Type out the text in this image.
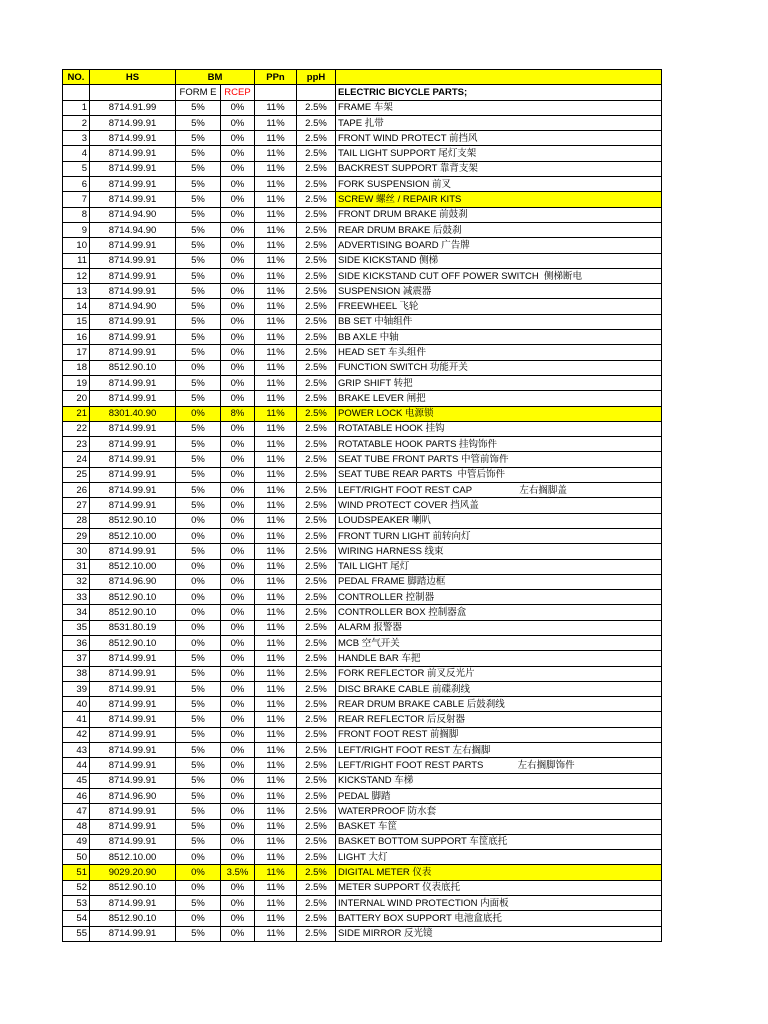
NO.	HS	BM		PPn	ppH	
		FORM E	RCEP			ELECTRIC BICYCLE PARTS;
1	8714.91.99	5%	0%	11%	2.5%	FRAME 车架
2	8714.99.91	5%	0%	11%	2.5%	TAPE 扎带
3	8714.99.91	5%	0%	11%	2.5%	FRONT WIND PROTECT 前挡风
4	8714.99.91	5%	0%	11%	2.5%	TAIL LIGHT SUPPORT 尾灯支架
5	8714.99.91	5%	0%	11%	2.5%	BACKREST SUPPORT 靠背支架
6	8714.99.91	5%	0%	11%	2.5%	FORK SUSPENSION 前叉
7	8714.99.91	5%	0%	11%	2.5%	SCREW 螺丝 / REPAIR KITS
8	8714.94.90	5%	0%	11%	2.5%	FRONT DRUM BRAKE 前鼓刹
9	8714.94.90	5%	0%	11%	2.5%	REAR DRUM BRAKE 后鼓刹
10	8714.99.91	5%	0%	11%	2.5%	ADVERTISING BOARD 广告牌
11	8714.99.91	5%	0%	11%	2.5%	SIDE KICKSTAND 侧梯
12	8714.99.91	5%	0%	11%	2.5%	SIDE KICKSTAND CUT OFF POWER SWITCH  侧梯断电
13	8714.99.91	5%	0%	11%	2.5%	SUSPENSION 减震器
14	8714.94.90	5%	0%	11%	2.5%	FREEWHEEL 飞轮
15	8714.99.91	5%	0%	11%	2.5%	BB SET 中轴组件
16	8714.99.91	5%	0%	11%	2.5%	BB AXLE 中轴
17	8714.99.91	5%	0%	11%	2.5%	HEAD SET 车头组件
18	8512.90.10	0%	0%	11%	2.5%	FUNCTION SWITCH 功能开关
19	8714.99.91	5%	0%	11%	2.5%	GRIP SHIFT 转把
20	8714.99.91	5%	0%	11%	2.5%	BRAKE LEVER 闸把
21	8301.40.90	0%	8%	11%	2.5%	POWER LOCK 电源锁
22	8714.99.91	5%	0%	11%	2.5%	ROTATABLE HOOK 挂钩
23	8714.99.91	5%	0%	11%	2.5%	ROTATABLE HOOK PARTS 挂钩饰件
24	8714.99.91	5%	0%	11%	2.5%	SEAT TUBE FRONT PARTS 中管前饰件
25	8714.99.91	5%	0%	11%	2.5%	SEAT TUBE REAR PARTS  中管后饰件
26	8714.99.91	5%	0%	11%	2.5%	LEFT/RIGHT FOOT REST CAP                  左右搁脚盖
27	8714.99.91	5%	0%	11%	2.5%	WIND PROTECT COVER 挡风盖
28	8512.90.10	0%	0%	11%	2.5%	LOUDSPEAKER 喇叭
29	8512.10.00	0%	0%	11%	2.5%	FRONT TURN LIGHT 前转向灯
30	8714.99.91	5%	0%	11%	2.5%	WIRING HARNESS 线束
31	8512.10.00	0%	0%	11%	2.5%	TAIL LIGHT 尾灯
32	8714.96.90	0%	0%	11%	2.5%	PEDAL FRAME 脚踏边框
33	8512.90.10	0%	0%	11%	2.5%	CONTROLLER 控制器
34	8512.90.10	0%	0%	11%	2.5%	CONTROLLER BOX 控制器盒
35	8531.80.19	0%	0%	11%	2.5%	ALARM 报警器
36	8512.90.10	0%	0%	11%	2.5%	MCB 空气开关
37	8714.99.91	5%	0%	11%	2.5%	HANDLE BAR 车把
38	8714.99.91	5%	0%	11%	2.5%	FORK REFLECTOR 前叉反光片
39	8714.99.91	5%	0%	11%	2.5%	DISC BRAKE CABLE 前碟刹线
40	8714.99.91	5%	0%	11%	2.5%	REAR DRUM BRAKE CABLE 后鼓刹线
41	8714.99.91	5%	0%	11%	2.5%	REAR REFLECTOR 后反射器
42	8714.99.91	5%	0%	11%	2.5%	FRONT FOOT REST 前搁脚
43	8714.99.91	5%	0%	11%	2.5%	LEFT/RIGHT FOOT REST 左右搁脚
44	8714.99.91	5%	0%	11%	2.5%	LEFT/RIGHT FOOT REST PARTS             左右搁脚饰件
45	8714.99.91	5%	0%	11%	2.5%	KICKSTAND 车梯
46	8714.96.90	5%	0%	11%	2.5%	PEDAL 脚踏
47	8714.99.91	5%	0%	11%	2.5%	WATERPROOF 防水套
48	8714.99.91	5%	0%	11%	2.5%	BASKET 车筐
49	8714.99.91	5%	0%	11%	2.5%	BASKET BOTTOM SUPPORT 车筐底托
50	8512.10.00	0%	0%	11%	2.5%	LIGHT 大灯
51	9029.20.90	0%	3.5%	11%	2.5%	DIGITAL METER 仪表
52	8512.90.10	0%	0%	11%	2.5%	METER SUPPORT 仪表底托
53	8714.99.91	5%	0%	11%	2.5%	INTERNAL WIND PROTECTION 内面板
54	8512.90.10	0%	0%	11%	2.5%	BATTERY BOX SUPPORT 电池盒底托
55	8714.99.91	5%	0%	11%	2.5%	SIDE MIRROR 反光镜
